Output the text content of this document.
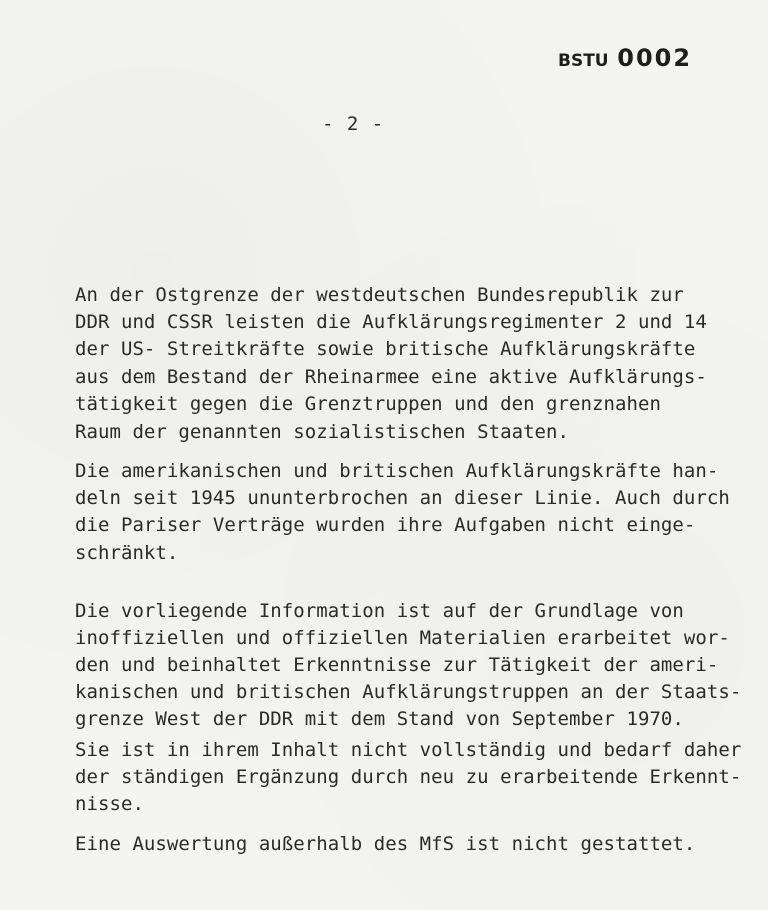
BSTU 0002
- 2 -
An der Ostgrenze der westdeutschen Bundesrepublik zur
DDR und CSSR leisten die Aufklärungsregimenter 2 und 14
der US- Streitkräfte sowie britische Aufklärungskräfte
aus dem Bestand der Rheinarmee eine aktive Aufklärungs-
tätigkeit gegen die Grenztruppen und den grenznahen
Raum der genannten sozialistischen Staaten.
Die amerikanischen und britischen Aufklärungskräfte han-
deln seit 1945 ununterbrochen an dieser Linie. Auch durch
die Pariser Verträge wurden ihre Aufgaben nicht einge-
schränkt.
Die vorliegende Information ist auf der Grundlage von
inoffiziellen und offiziellen Materialien erarbeitet wor-
den und beinhaltet Erkenntnisse zur Tätigkeit der ameri-
kanischen und britischen Aufklärungstruppen an der Staats-
grenze West der DDR mit dem Stand von September 1970.
Sie ist in ihrem Inhalt nicht vollständig und bedarf daher
der ständigen Ergänzung durch neu zu erarbeitende Erkennt-
nisse.
Eine Auswertung außerhalb des MfS ist nicht gestattet.
